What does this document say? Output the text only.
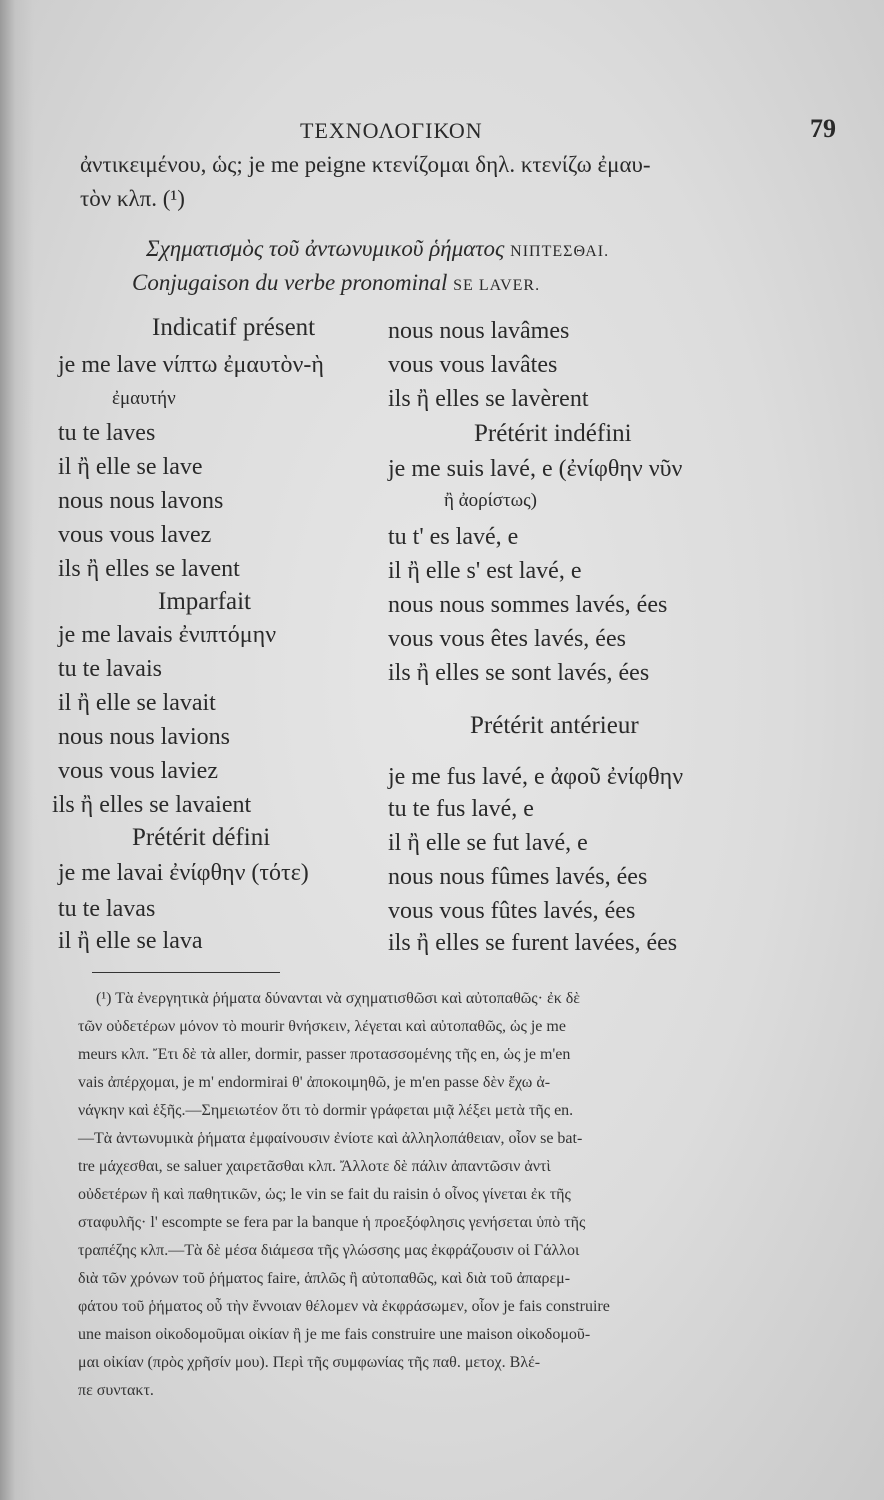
ΤΕΧΝΟΛΟΓΙΚΟΝ	79
ἀντικειμένου, ὡς; je me peigne κτενίζομαι δηλ. κτενίζω ἐμαυ-
τὸν κλπ. (¹)
Σχηματισμὸς τοῦ ἀντωνυμικοῦ ῥήματος ΝΙΠΤΕΣΘΑΙ.
Conjugaison du verbe pronominal SE LAVER.
Indicatif présent
je me lave νίπτω ἐμαυτὸν-ὴ
ἐμαυτήν
tu te laves
il ἢ elle se lave
nous nous lavons
vous vous lavez
ils ἢ elles se lavent
Imparfait
je me lavais ἐνιπτόμην
tu te lavais
il ἢ elle se lavait
nous nous lavions
vous vous laviez
ils ἢ elles se lavaient
Prétérit défini
je me lavai ἐνίφθην (τότε)
tu te lavas
il ἢ elle se lava
nous nous lavâmes
vous vous lavâtes
ils ἢ elles se lavèrent
Prétérit indéfini
je me suis lavé, e (ἐνίφθην νῦν
ἢ ἀορίστως)
tu t' es lavé, e
il ἢ elle s' est lavé, e
nous nous sommes lavés, ées
vous vous êtes lavés, ées
ils ἢ elles se sont lavés, ées
Prétérit antérieur
je me fus lavé, e ἀφοῦ ἐνίφθην
tu te fus lavé, e
il ἢ elle se fut lavé, e
nous nous fûmes lavés, ées
vous vous fûtes lavés, ées
ils ἢ elles se furent lavées, ées
(¹) Τὰ ἐνεργητικὰ ῥήματα δύνανται νὰ σχηματισθῶσι καὶ αὐτοπαθῶς· ἐκ δὲ
τῶν οὐδετέρων μόνον τὸ mourir θνήσκειν, λέγεται καὶ αὐτοπαθῶς, ὡς je me
meurs κλπ. Ἔτι δὲ τὰ aller, dormir, passer προτασσομένης τῆς en, ὡς je m'en
vais ἀπέρχομαι, je m' endormirai θ' ἀποκοιμηθῶ, je m'en passe δὲν ἔχω ἀ-
νάγκην καὶ ἑξῆς.—Σημειωτέον ὅτι τὸ dormir γράφεται μιᾷ λέξει μετὰ τῆς en.
—Τὰ ἀντωνυμικὰ ῥήματα ἐμφαίνουσιν ἐνίοτε καὶ ἀλληλοπάθειαν, οἷον se bat-
tre μάχεσθαι, se saluer χαιρετᾶσθαι κλπ. Ἄλλοτε δὲ πάλιν ἀπαντῶσιν ἀντὶ
οὐδετέρων ἢ καὶ παθητικῶν, ὡς; le vin se fait du raisin ὁ οἶνος γίνεται ἐκ τῆς
σταφυλῆς· l' escompte se fera par la banque ἡ προεξόφλησις γενήσεται ὑπὸ τῆς
τραπέζης κλπ.—Τὰ δὲ μέσα διάμεσα τῆς γλώσσης μας ἐκφράζουσιν οἱ Γάλλοι
διὰ τῶν χρόνων τοῦ ῥήματος faire, ἁπλῶς ἢ αὐτοπαθῶς, καὶ διὰ τοῦ ἀπαρεμ-
φάτου τοῦ ῥήματος οὗ τὴν ἔννοιαν θέλομεν νὰ ἐκφράσωμεν, οἷον je fais construire
une maison οἰκοδομοῦμαι οἰκίαν ἢ je me fais construire une maison οἰκοδομοῦ-
μαι οἰκίαν (πρὸς χρῆσίν μου). Περὶ τῆς συμφωνίας τῆς παθ. μετοχ. Βλέ-
πε συντακτ.
